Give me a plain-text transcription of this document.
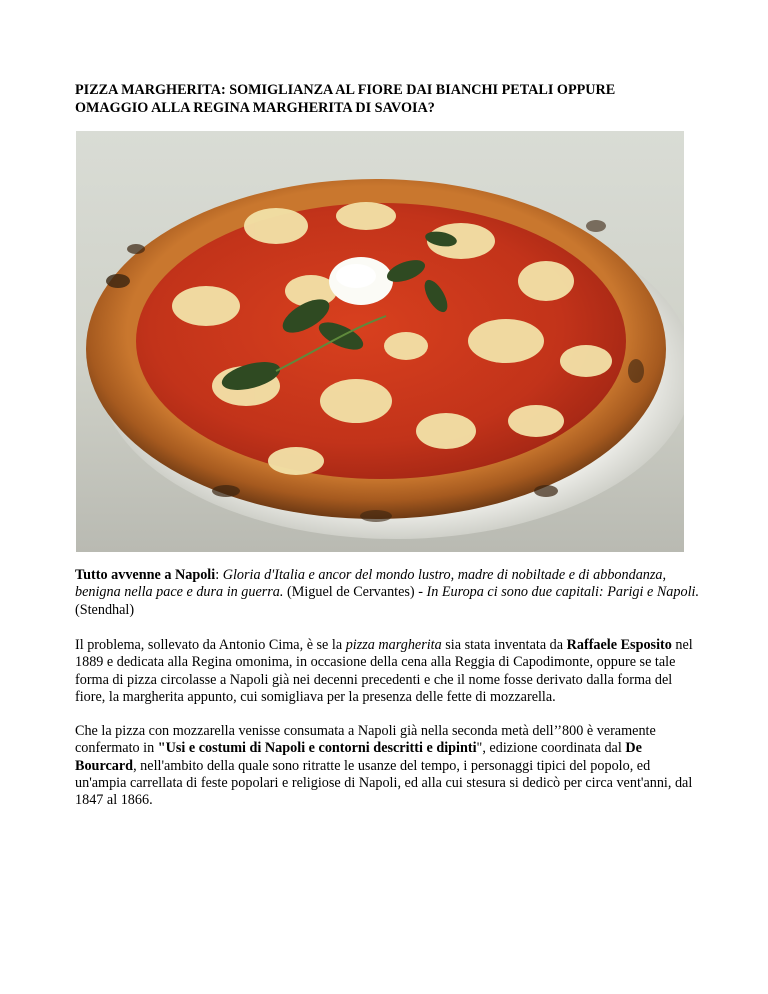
PIZZA MARGHERITA: SOMIGLIANZA AL FIORE DAI BIANCHI PETALI OPPURE
OMAGGIO ALLA REGINA MARGHERITA DI SAVOIA?

Tutto avvenne a Napoli: Gloria d'Italia e ancor del mondo lustro, madre di nobiltade e di abbondanza, benigna nella pace e dura in guerra. (Miguel de Cervantes) - In Europa ci sono due capitali: Parigi e Napoli. (Stendhal)

Il problema, sollevato da Antonio Cima, è se la pizza margherita sia stata inventata da Raffaele Esposito nel 1889 e dedicata alla Regina omonima, in occasione della cena alla Reggia di Capodimonte, oppure se tale forma di pizza circolasse a Napoli già nei decenni precedenti e che il nome fosse derivato dalla forma del fiore, la margherita appunto, cui somigliava per la presenza delle fette di mozzarella.

Che la pizza con mozzarella venisse consumata a Napoli già nella seconda metà dell’’800 è veramente confermato in "Usi e costumi di Napoli e contorni descritti e dipinti", edizione coordinata dal De Bourcard, nell'ambito della quale sono ritratte le usanze del tempo, i personaggi tipici del popolo, ed un'ampia carrellata di feste popolari e religiose di Napoli, ed alla cui stesura si dedicò per circa vent'anni, dal 1847 al 1866.
